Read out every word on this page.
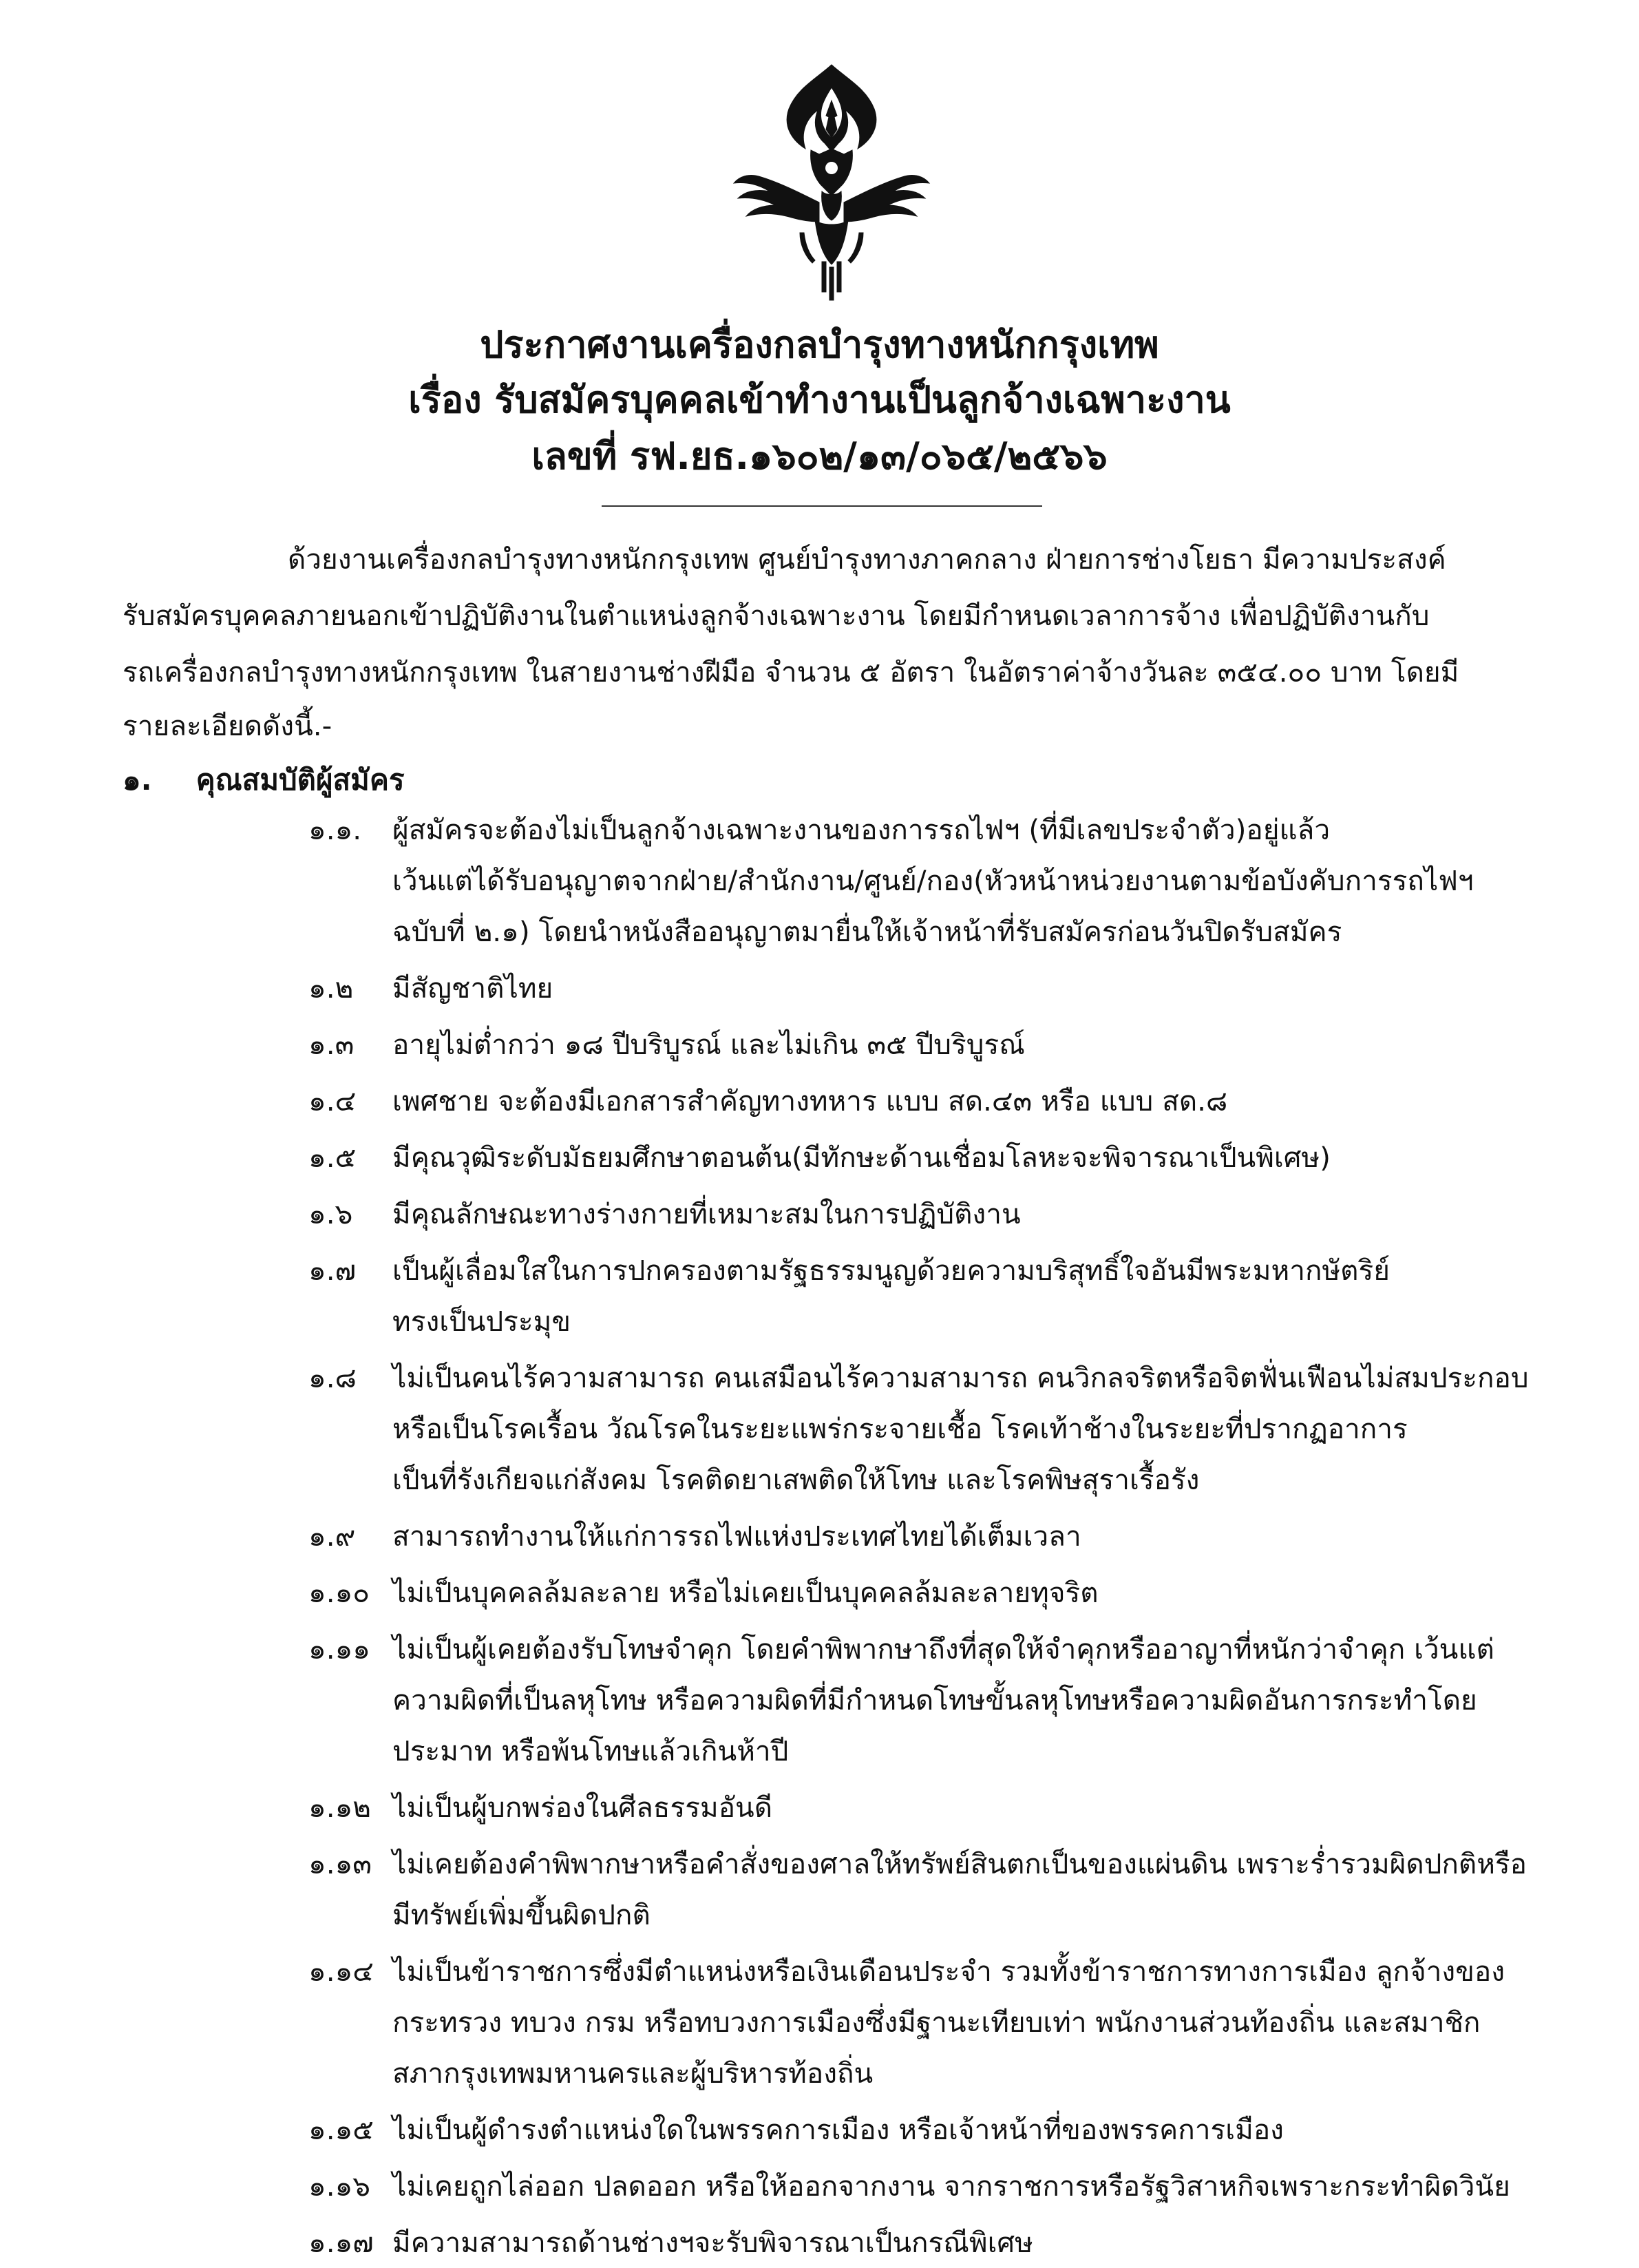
ประกาศงานเครื่องกลบำรุงทางหนักกรุงเทพ
เรื่อง รับสมัครบุคคลเข้าทำงานเป็นลูกจ้างเฉพาะงาน
เลขที่ รฟ.ยธ.๑๖๐๒/๑๓/๐๖๕/๒๕๖๖
ด้วยงานเครื่องกลบำรุงทางหนักกรุงเทพ ศูนย์บำรุงทางภาคกลาง ฝ่ายการช่างโยธา มีความประสงค์
รับสมัครบุคคลภายนอกเข้าปฏิบัติงานในตำแหน่งลูกจ้างเฉพาะงาน โดยมีกำหนดเวลาการจ้าง เพื่อปฏิบัติงานกับ
รถเครื่องกลบำรุงทางหนักกรุงเทพ ในสายงานช่างฝีมือ จำนวน ๕ อัตรา ในอัตราค่าจ้างวันละ ๓๕๔.๐๐ บาท โดยมี
รายละเอียดดังนี้.-
๑. คุณสมบัติผู้สมัคร
๑.๑.	ผู้สมัครจะต้องไม่เป็นลูกจ้างเฉพาะงานของการรถไฟฯ (ที่มีเลขประจำตัว)อยู่แล้ว
เว้นแต่ได้รับอนุญาตจากฝ่าย/สำนักงาน/ศูนย์/กอง(หัวหน้าหน่วยงานตามข้อบังคับการรถไฟฯ
ฉบับที่ ๒.๑) โดยนำหนังสืออนุญาตมายื่นให้เจ้าหน้าที่รับสมัครก่อนวันปิดรับสมัคร
๑.๒	มีสัญชาติไทย
๑.๓	อายุไม่ต่ำกว่า ๑๘ ปีบริบูรณ์ และไม่เกิน ๓๕ ปีบริบูรณ์
๑.๔	เพศชาย จะต้องมีเอกสารสำคัญทางทหาร แบบ สด.๔๓ หรือ แบบ สด.๘
๑.๕	มีคุณวุฒิระดับมัธยมศึกษาตอนต้น(มีทักษะด้านเชื่อมโลหะจะพิจารณาเป็นพิเศษ)
๑.๖	มีคุณลักษณะทางร่างกายที่เหมาะสมในการปฏิบัติงาน
๑.๗	เป็นผู้เลื่อมใสในการปกครองตามรัฐธรรมนูญด้วยความบริสุทธิ์ใจอันมีพระมหากษัตริย์
ทรงเป็นประมุข
๑.๘	ไม่เป็นคนไร้ความสามารถ คนเสมือนไร้ความสามารถ คนวิกลจริตหรือจิตฟั่นเฟือนไม่สมประกอบ
หรือเป็นโรคเรื้อน วัณโรคในระยะแพร่กระจายเชื้อ โรคเท้าช้างในระยะที่ปรากฏอาการ
เป็นที่รังเกียจแก่สังคม โรคติดยาเสพติดให้โทษ และโรคพิษสุราเรื้อรัง
๑.๙	สามารถทำงานให้แก่การรถไฟแห่งประเทศไทยได้เต็มเวลา
๑.๑๐ ไม่เป็นบุคคลล้มละลาย หรือไม่เคยเป็นบุคคลล้มละลายทุจริต
๑.๑๑ ไม่เป็นผู้เคยต้องรับโทษจำคุก โดยคำพิพากษาถึงที่สุดให้จำคุกหรืออาญาที่หนักว่าจำคุก เว้นแต่
ความผิดที่เป็นลหุโทษ หรือความผิดที่มีกำหนดโทษขั้นลหุโทษหรือความผิดอันการกระทำโดย
ประมาท หรือพ้นโทษแล้วเกินห้าปี
๑.๑๒ ไม่เป็นผู้บกพร่องในศีลธรรมอันดี
๑.๑๓ ไม่เคยต้องคำพิพากษาหรือคำสั่งของศาลให้ทรัพย์สินตกเป็นของแผ่นดิน เพราะร่ำรวมผิดปกติหรือ
มีทรัพย์เพิ่มขึ้นผิดปกติ
๑.๑๔ ไม่เป็นข้าราชการซึ่งมีตำแหน่งหรือเงินเดือนประจำ รวมทั้งข้าราชการทางการเมือง ลูกจ้างของ
กระทรวง ทบวง กรม หรือทบวงการเมืองซึ่งมีฐานะเทียบเท่า พนักงานส่วนท้องถิ่น และสมาชิก
สภากรุงเทพมหานครและผู้บริหารท้องถิ่น
๑.๑๕ ไม่เป็นผู้ดำรงตำแหน่งใดในพรรคการเมือง หรือเจ้าหน้าที่ของพรรคการเมือง
๑.๑๖ ไม่เคยถูกไล่ออก ปลดออก หรือให้ออกจากงาน จากราชการหรือรัฐวิสาหกิจเพราะกระทำผิดวินัย
๑.๑๗ มีความสามารถด้านช่างฯจะรับพิจารณาเป็นกรณีพิเศษ
